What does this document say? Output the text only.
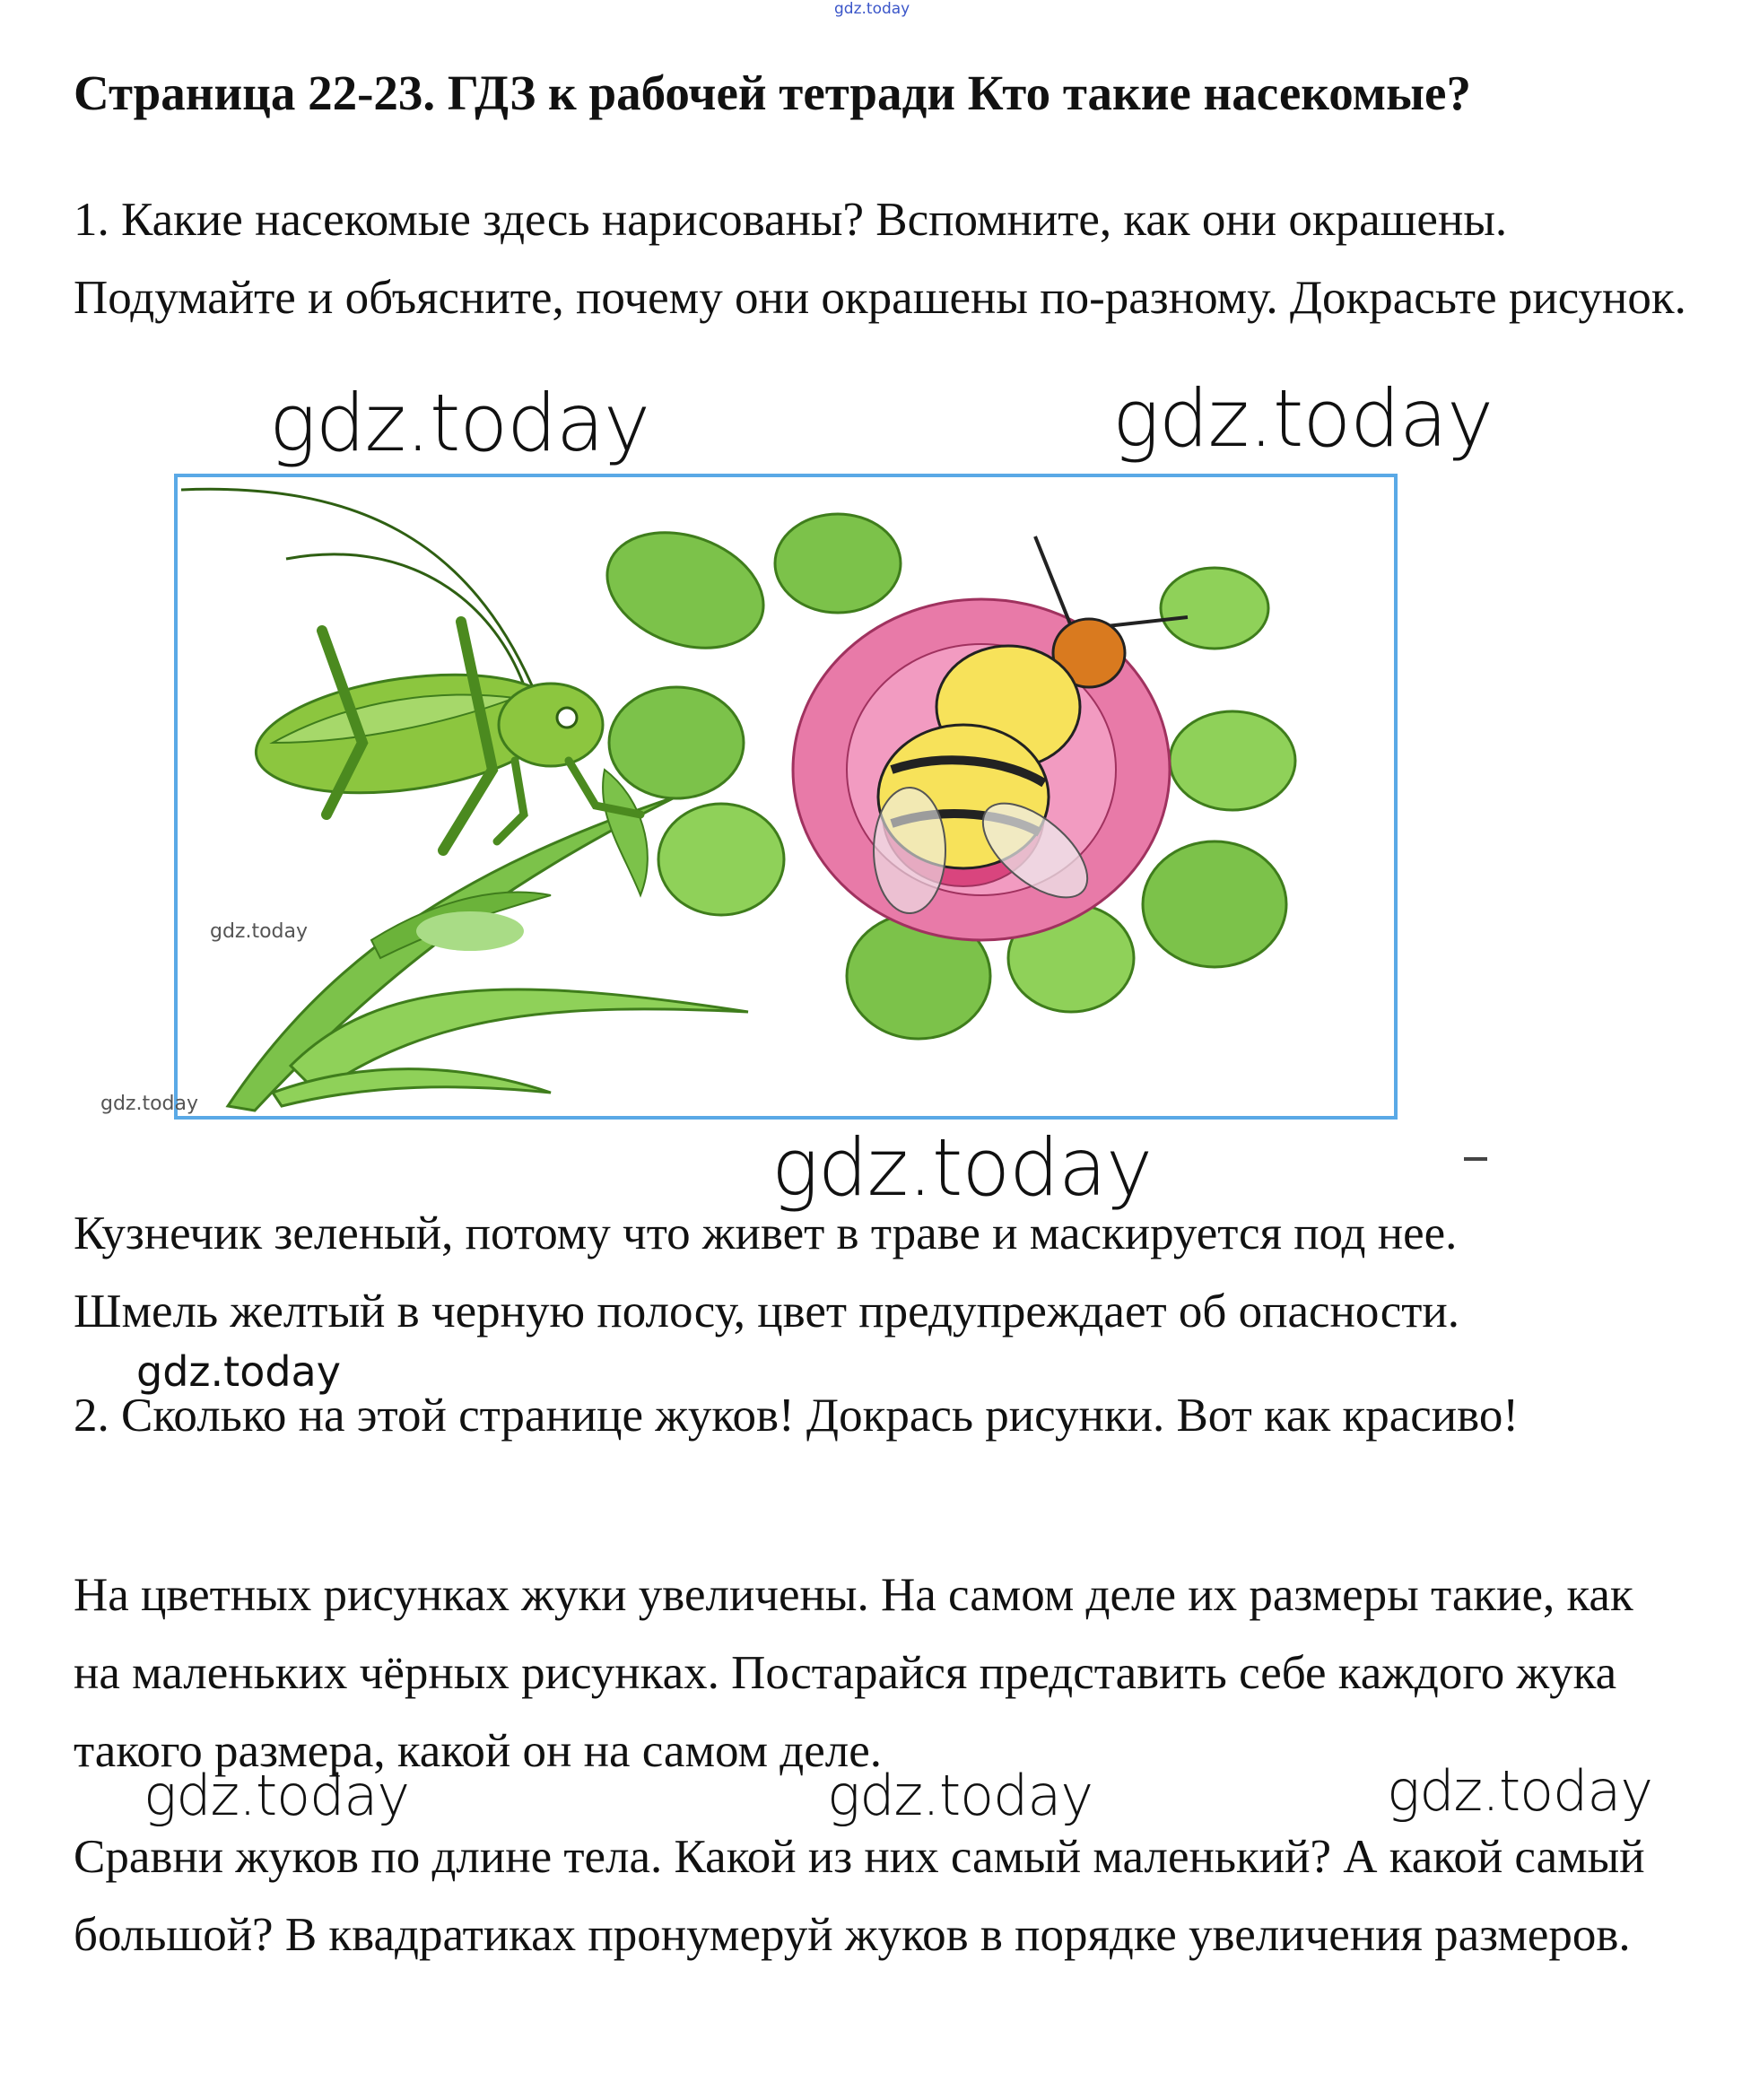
gdz.today
Страница 22-23. ГДЗ к рабочей тетради Кто такие насекомые?

1. Какие насекомые здесь нарисованы? Вспомните, как они окрашены. Подумайте и объясните, почему они окрашены по-разному. Докрасьте рисунок.

gdz.today	gdz.today
gdz.today
gdz.today
gdz.today

Кузнечик зеленый, потому что живет в траве и маскируется под нее.

Шмель желтый в черную полосу, цвет предупреждает об опасности.

gdz.today

2. Сколько на этой странице жуков! Докрась рисунки. Вот как красиво!

На цветных рисунках жуки увеличены. На самом деле их размеры такие, как на маленьких чёрных рисунках. Постарайся представить себе каждого жука такого размера, какой он на самом деле.

gdz.today	gdz.today	gdz.today

Сравни жуков по длине тела. Какой из них самый маленький? А какой самый большой? В квадратиках пронумеруй жуков в порядке увеличения размеров.
